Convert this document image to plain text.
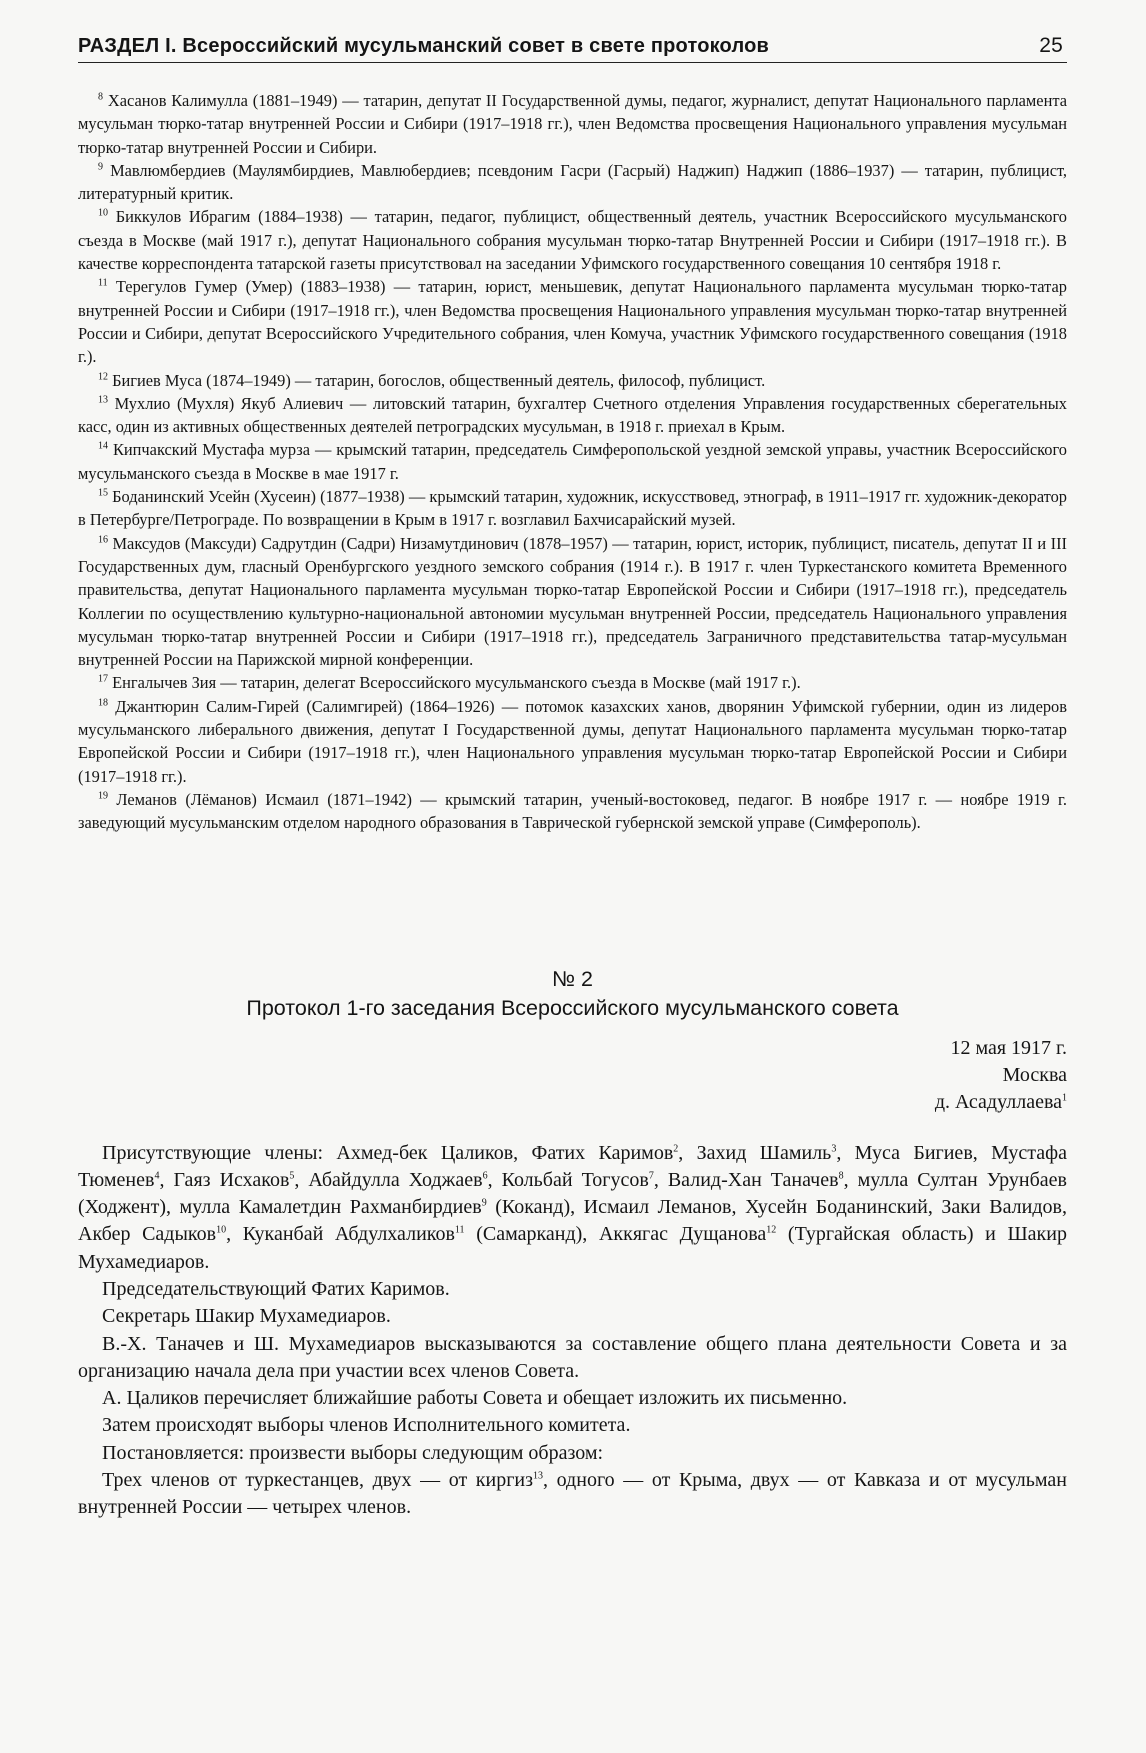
РАЗДЕЛ I. Всероссийский мусульманский совет в свете протоколов	25

$^8$ Хасанов Калимулла (1881–1949) — татарин, депутат II Государственной думы, педагог, журналист, депутат Национального парламента мусульман тюрко-татар внутренней России и Сибири (1917–1918 гг.), член Ведомства просвещения Национального управления мусульман тюрко-татар внутренней России и Сибири.

$^9$ Мавлюмбердиев (Маулямбирдиев, Мавлюбердиев; псевдоним Гасри (Гасрый) Наджип) Наджип (1886–1937) — татарин, публицист, литературный критик.

$^{10}$ Биккулов Ибрагим (1884–1938) — татарин, педагог, публицист, общественный деятель, участник Всероссийского мусульманского съезда в Москве (май 1917 г.), депутат Национального собрания мусульман тюрко-татар Внутренней России и Сибири (1917–1918 гг.). В качестве корреспондента татарской газеты присутствовал на заседании Уфимского государственного совещания 10 сентября 1918 г.

$^{11}$ Терегулов Гумер (Умер) (1883–1938) — татарин, юрист, меньшевик, депутат Национального парламента мусульман тюрко-татар внутренней России и Сибири (1917–1918 гг.), член Ведомства просвещения Национального управления мусульман тюрко-татар внутренней России и Сибири, депутат Всероссийского Учредительного собрания, член Комуча, участник Уфимского государственного совещания (1918 г.).

$^{12}$ Бигиев Муса (1874–1949) — татарин, богослов, общественный деятель, философ, публицист.

$^{13}$ Мухлио (Мухля) Якуб Алиевич — литовский татарин, бухгалтер Счетного отделения Управления государственных сберегательных касс, один из активных общественных деятелей петроградских мусульман, в 1918 г. приехал в Крым.

$^{14}$ Кипчакский Мустафа мурза — крымский татарин, председатель Симферопольской уездной земской управы, участник Всероссийского мусульманского съезда в Москве в мае 1917 г.

$^{15}$ Боданинский Усейн (Хусеин) (1877–1938) — крымский татарин, художник, искусствовед, этнограф, в 1911–1917 гг. художник-декоратор в Петербурге/Петрограде. По возвращении в Крым в 1917 г. возглавил Бахчисарайский музей.

$^{16}$ Максудов (Максуди) Садрутдин (Садри) Низамутдинович (1878–1957) — татарин, юрист, историк, публицист, писатель, депутат II и III Государственных дум, гласный Оренбургского уездного земского собрания (1914 г.). В 1917 г. член Туркестанского комитета Временного правительства, депутат Национального парламента мусульман тюрко-татар Европейской России и Сибири (1917–1918 гг.), председатель Коллегии по осуществлению культурно-национальной автономии мусульман внутренней России, председатель Национального управления мусульман тюрко-татар внутренней России и Сибири (1917–1918 гг.), председатель Заграничного представительства татар-мусульман внутренней России на Парижской мирной конференции.

$^{17}$ Енгалычев Зия — татарин, делегат Всероссийского мусульманского съезда в Москве (май 1917 г.).

$^{18}$ Джантюрин Салим-Гирей (Салимгирей) (1864–1926) — потомок казахских ханов, дворянин Уфимской губернии, один из лидеров мусульманского либерального движения, депутат I Государственной думы, депутат Национального парламента мусульман тюрко-татар Европейской России и Сибири (1917–1918 гг.), член Национального управления мусульман тюрко-татар Европейской России и Сибири (1917–1918 гг.).

$^{19}$ Леманов (Лёманов) Исмаил (1871–1942) — крымский татарин, ученый-востоковед, педагог. В ноябре 1917 г. — ноябре 1919 г. заведующий мусульманским отделом народного образования в Таврической губернской земской управе (Симферополь).

№ 2
Протокол 1-го заседания Всероссийского мусульманского совета
12 мая 1917 г.
Москва
д. Асадуллаева$^1$

Присутствующие члены: Ахмед-бек Цаликов, Фатих Каримов$^2$, Захид Шамиль$^3$, Муса Бигиев, Мустафа Тюменев$^4$, Гаяз Исхаков$^5$, Абайдулла Ходжаев$^6$, Кольбай Тогусов$^7$, Валид-Хан Таначев$^8$, мулла Султан Урунбаев (Ходжент), мулла Камалетдин Рахманбирдиев$^9$ (Коканд), Исмаил Леманов, Хусейн Боданинский, Заки Валидов, Акбер Садыков$^{10}$, Куканбай Абдулхаликов$^{11}$ (Самарканд), Аккягас Дущанова$^{12}$ (Тургайская область) и Шакир Мухамедиаров.

Председательствующий Фатих Каримов.

Секретарь Шакир Мухамедиаров.

В.-Х. Таначев и Ш. Мухамедиаров высказываются за составление общего плана деятельности Совета и за организацию начала дела при участии всех членов Совета.

А. Цаликов перечисляет ближайшие работы Совета и обещает изложить их письменно.

Затем происходят выборы членов Исполнительного комитета.

Постановляется: произвести выборы следующим образом:

Трех членов от туркестанцев, двух — от киргиз$^{13}$, одного — от Крыма, двух — от Кавказа и от мусульман внутренней России — четырех членов.
